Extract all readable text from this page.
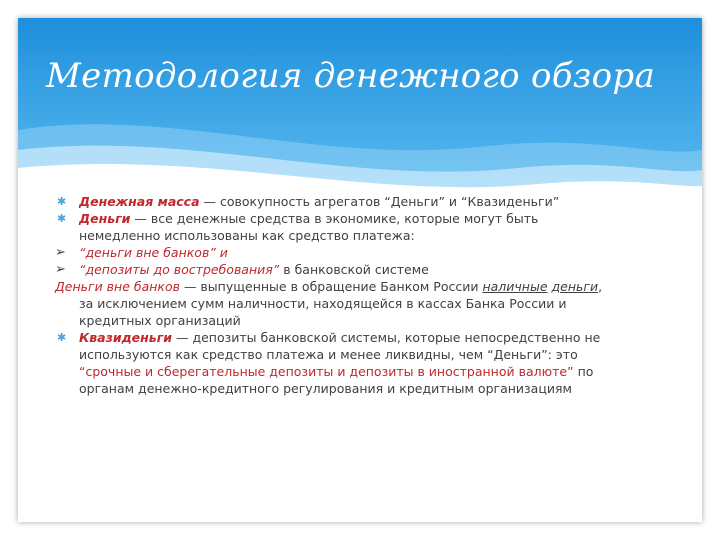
Методология денежного обзора
✱ Денежная масса — совокупность агрегатов “Деньги” и “Квазиденьги”
✱ Деньги — все денежные средства в экономике, которые могут быть немедленно использованы как средство платежа:
➢ “деньги вне банков” и
➢ “депозиты до востребования” в банковской системе
Деньги вне банков — выпущенные в обращение Банком России наличные деньги, за исключением сумм наличности, находящейся в кассах Банка России и кредитных организаций
✱ Квазиденьги — депозиты банковской системы, которые непосредственно не используются как средство платежа и менее ликвидны, чем “Деньги”: это “срочные и сберегательные депозиты и депозиты в иностранной валюте” по органам денежно-кредитного регулирования и кредитным организациям
